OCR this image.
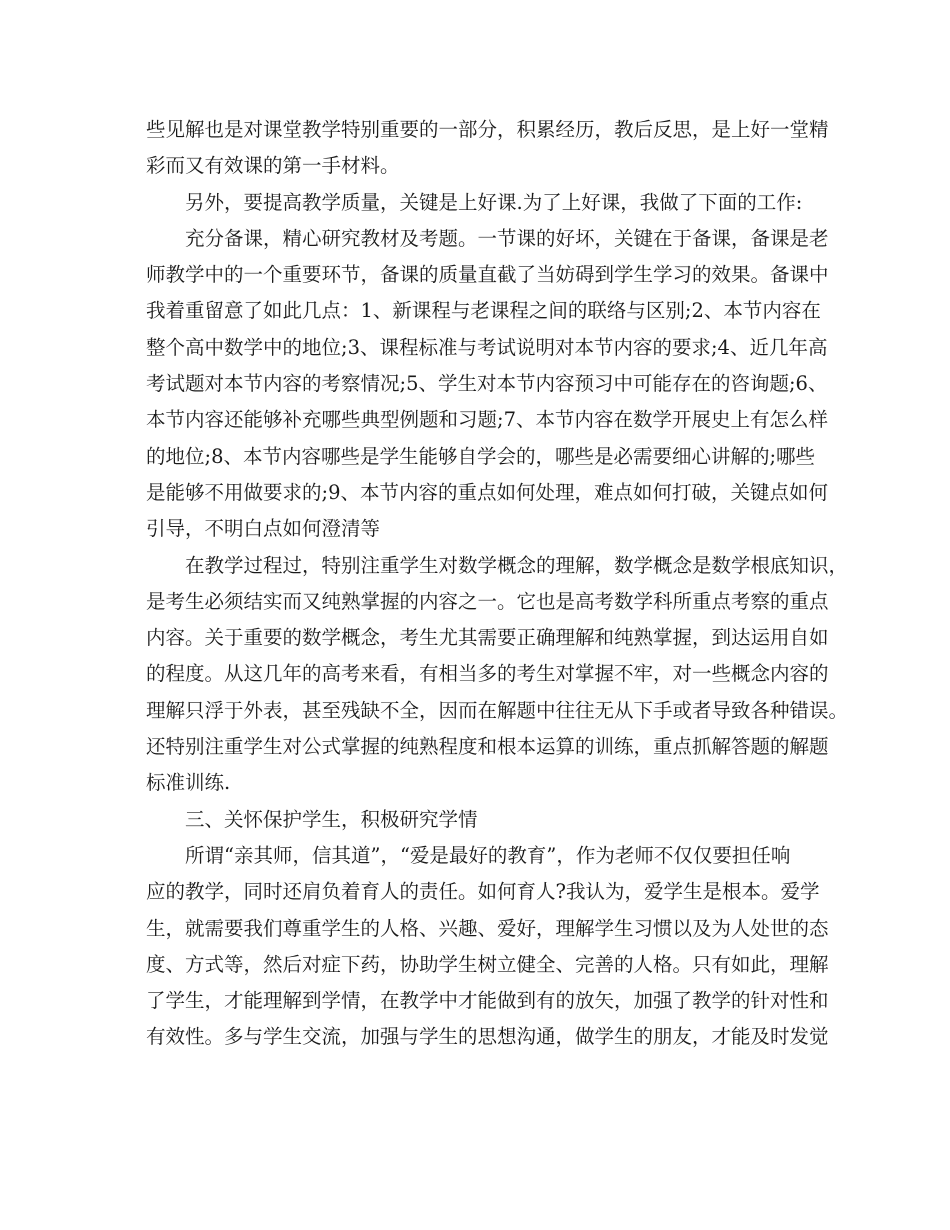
些见解也是对课堂教学特别重要的一部分，积累经历，教后反思，是上好一堂精
彩而又有效课的第一手材料。
另外，要提高教学质量，关键是上好课.为了上好课，我做了下面的工作:
充分备课，精心研究教材及考题。一节课的好坏，关键在于备课，备课是老
师教学中的一个重要环节，备课的质量直截了当妨碍到学生学习的效果。备课中
我着重留意了如此几点：1、新课程与老课程之间的联络与区别;2、本节内容在
整个高中数学中的地位;3、课程标准与考试说明对本节内容的要求;4、近几年高
考试题对本节内容的考察情况;5、学生对本节内容预习中可能存在的咨询题;6、
本节内容还能够补充哪些典型例题和习题;7、本节内容在数学开展史上有怎么样
的地位;8、本节内容哪些是学生能够自学会的，哪些是必需要细心讲解的;哪些
是能够不用做要求的;9、本节内容的重点如何处理，难点如何打破，关键点如何
引导，不明白点如何澄清等
在教学过程过，特别注重学生对数学概念的理解，数学概念是数学根底知识，
是考生必须结实而又纯熟掌握的内容之一。它也是高考数学科所重点考察的重点
内容。关于重要的数学概念，考生尤其需要正确理解和纯熟掌握，到达运用自如
的程度。从这几年的高考来看，有相当多的考生对掌握不牢，对一些概念内容的
理解只浮于外表，甚至残缺不全，因而在解题中往往无从下手或者导致各种错误。
还特别注重学生对公式掌握的纯熟程度和根本运算的训练，重点抓解答题的解题
标准训练.
三、关怀保护学生，积极研究学情
所谓“亲其师，信其道”，“爱是最好的教育”，作为老师不仅仅要担任响
应的教学，同时还肩负着育人的责任。如何育人?我认为，爱学生是根本。爱学
生，就需要我们尊重学生的人格、兴趣、爱好，理解学生习惯以及为人处世的态
度、方式等，然后对症下药，协助学生树立健全、完善的人格。只有如此，理解
了学生，才能理解到学情，在教学中才能做到有的放矢，加强了教学的针对性和
有效性。多与学生交流，加强与学生的思想沟通，做学生的朋友，才能及时发觉
